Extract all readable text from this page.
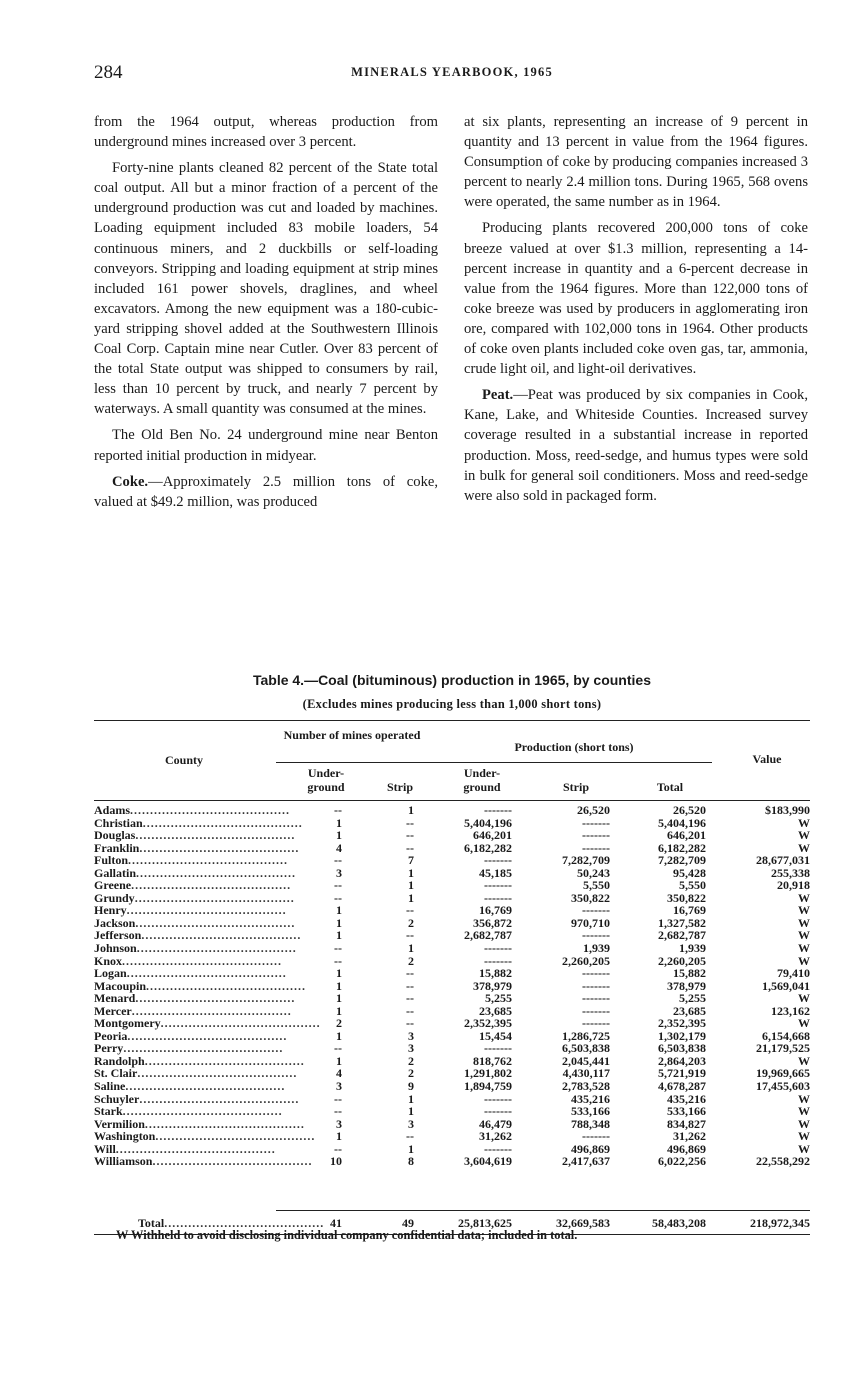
284	MINERALS YEARBOOK, 1965

from the 1964 output, whereas production from underground mines increased over 3 percent.

Forty-nine plants cleaned 82 percent of the State total coal output. All but a minor fraction of a percent of the underground production was cut and loaded by machines. Loading equipment included 83 mobile loaders, 54 continuous miners, and 2 duckbills or self-loading conveyors. Stripping and loading equipment at strip mines included 161 power shovels, draglines, and wheel excavators. Among the new equipment was a 180-cubic-yard stripping shovel added at the Southwestern Illinois Coal Corp. Captain mine near Cutler. Over 83 percent of the total State output was shipped to consumers by rail, less than 10 percent by truck, and nearly 7 percent by waterways. A small quantity was consumed at the mines.

The Old Ben No. 24 underground mine near Benton reported initial production in midyear.

Coke.—Approximately 2.5 million tons of coke, valued at $49.2 million, was produced

at six plants, representing an increase of 9 percent in quantity and 13 percent in value from the 1964 figures. Consumption of coke by producing companies increased 3 percent to nearly 2.4 million tons. During 1965, 568 ovens were operated, the same number as in 1964.

Producing plants recovered 200,000 tons of coke breeze valued at over $1.3 million, representing a 14-percent increase in quantity and a 6-percent decrease in value from the 1964 figures. More than 122,000 tons of coke breeze was used by producers in agglomerating iron ore, compared with 102,000 tons in 1964. Other products of coke oven plants included coke oven gas, tar, ammonia, crude light oil, and light-oil derivatives.

Peat.—Peat was produced by six companies in Cook, Kane, Lake, and Whiteside Counties. Increased survey coverage resulted in a substantial increase in reported production. Moss, reed-sedge, and humus types were sold in bulk for general soil conditioners. Moss and reed-sedge were also sold in packaged form.

Table 4.—Coal (bituminous) production in 1965, by counties
(Excludes mines producing less than 1,000 short tons)
County
Number of mines operated
Production (short tons)
Value
Under- ground	Strip
Under- ground	Strip	Total
Adams........................................	--	1	-------	26,520	26,520	$183,990
Christian........................................	1	--	5,404,196	-------	5,404,196	W
Douglas........................................	1	--	646,201	-------	646,201	W
Franklin........................................	4	--	6,182,282	-------	6,182,282	W
Fulton........................................	--	7	-------	7,282,709	7,282,709	28,677,031
Gallatin........................................	3	1	45,185	50,243	95,428	255,338
Greene........................................	--	1	-------	5,550	5,550	20,918
Grundy........................................	--	1	-------	350,822	350,822	W
Henry........................................	1	--	16,769	-------	16,769	W
Jackson........................................	1	2	356,872	970,710	1,327,582	W
Jefferson........................................	1	--	2,682,787	-------	2,682,787	W
Johnson........................................	--	1	-------	1,939	1,939	W
Knox........................................	--	2	-------	2,260,205	2,260,205	W
Logan........................................	1	--	15,882	-------	15,882	79,410
Macoupin........................................ 1	--	378,979	-------	378,979	1,569,041
Menard........................................	1	--	5,255	-------	5,255	W
Mercer........................................	1	--	23,685	-------	23,685	123,162
Montgomery........................................ 2	--	2,352,395	-------	2,352,395	W
Peoria........................................	1	3	15,454	1,286,725	1,302,179	6,154,668
Perry........................................	--	3	-------	6,503,838	6,503,838	21,179,525
Randolph........................................	1	2	818,762	2,045,441	2,864,203	W
St. Clair........................................	4	2	1,291,802	4,430,117	5,721,919	19,969,665
Saline........................................	3	9	1,894,759	2,783,528	4,678,287	17,455,603
Schuyler........................................	--	1	-------	435,216	435,216	W
Stark........................................	--	1	-------	533,166	533,166	W
Vermilion........................................	3	3	46,479	788,348	834,827	W
Washington........................................ 1	--	31,262	-------	31,262	W
Will........................................	--	1	-------	496,869	496,869	W
Williamson........................................ 10	8	3,604,619	2,417,637	6,022,256	22,558,292
Total........................................ 41	49	25,813,625	32,669,583	58,483,208	218,972,345
W Withheld to avoid disclosing individual company confidential data; included in total.
